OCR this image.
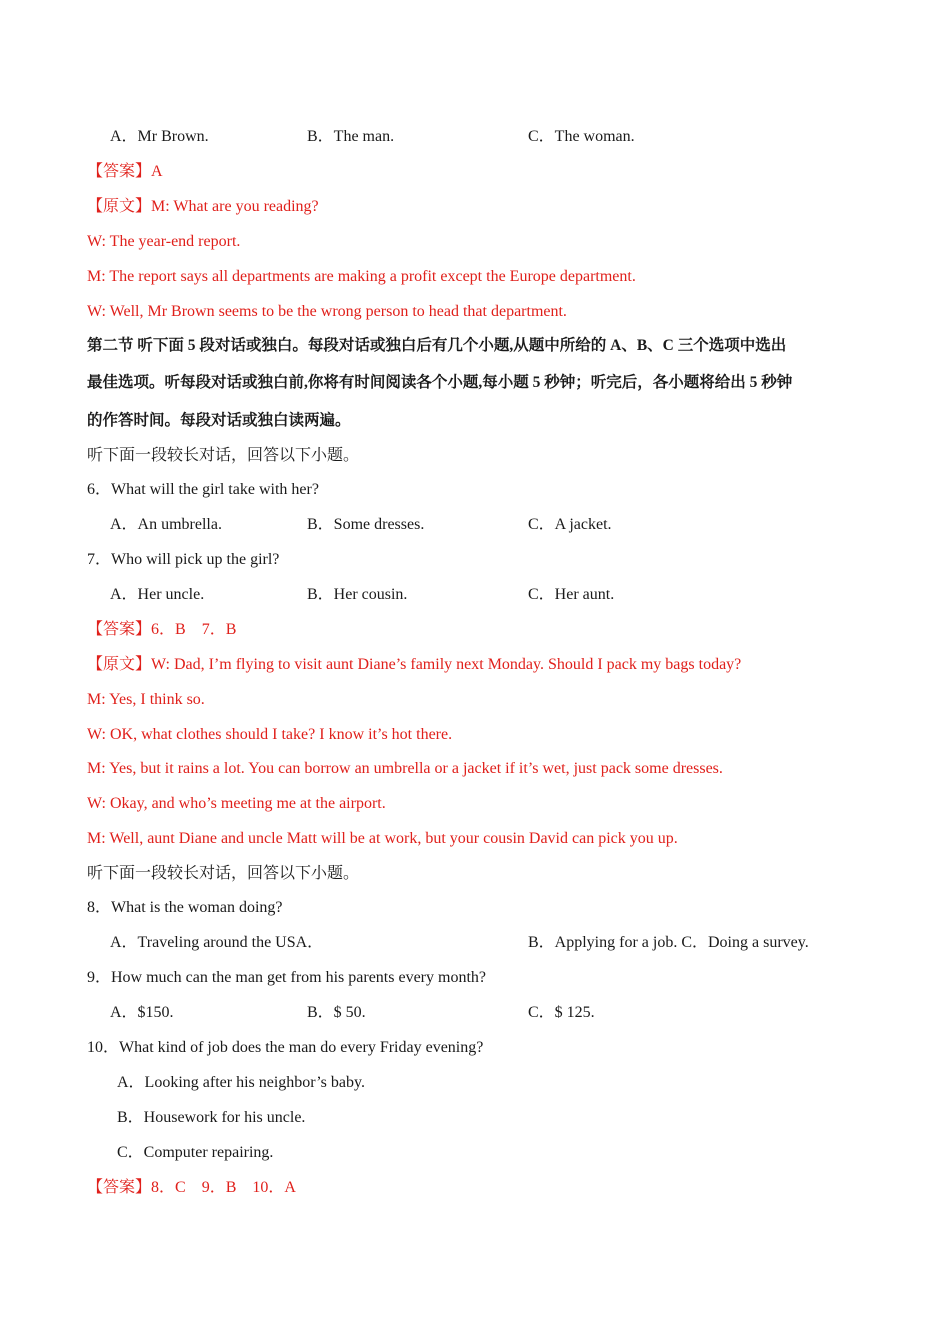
A．Mr Brown.	B．The man.	C．The woman.
【答案】A
【原文】M: What are you reading?
W: The year-end report.
M: The report says all departments are making a profit except the Europe department.
W: Well, Mr Brown seems to be the wrong person to head that department.
第二节 听下面 5 段对话或独白。每段对话或独白后有几个小题,从题中所给的 A、B、C 三个选项中选出
最佳选项。听每段对话或独白前,你将有时间阅读各个小题,每小题 5 秒钟；听完后，各小题将给出 5 秒钟
的作答时间。每段对话或独白读两遍。
听下面一段较长对话，回答以下小题。
6．What will the girl take with her?
A．An umbrella.	B．Some dresses.	C．A jacket.
7．Who will pick up the girl?
A．Her uncle.	B．Her cousin.	C．Her aunt.
【答案】6．B    7．B
【原文】W: Dad, I’m flying to visit aunt Diane’s family next Monday. Should I pack my bags today?
M: Yes, I think so.
W: OK, what clothes should I take? I know it’s hot there.
M: Yes, but it rains a lot. You can borrow an umbrella or a jacket if it’s wet, just pack some dresses.
W: Okay, and who’s meeting me at the airport.
M: Well, aunt Diane and uncle Matt will be at work, but your cousin David can pick you up.
听下面一段较长对话，回答以下小题。
8．What is the woman doing?
A．Traveling around the USA．	B．Applying for a job. C．Doing a survey.
9．How much can the man get from his parents every month?
A．$150.	B．$ 50.	C．$ 125.
10．What kind of job does the man do every Friday evening?
A．Looking after his neighbor’s baby.
B．Housework for his uncle.
C．Computer repairing.
【答案】8．C    9．B    10．A
